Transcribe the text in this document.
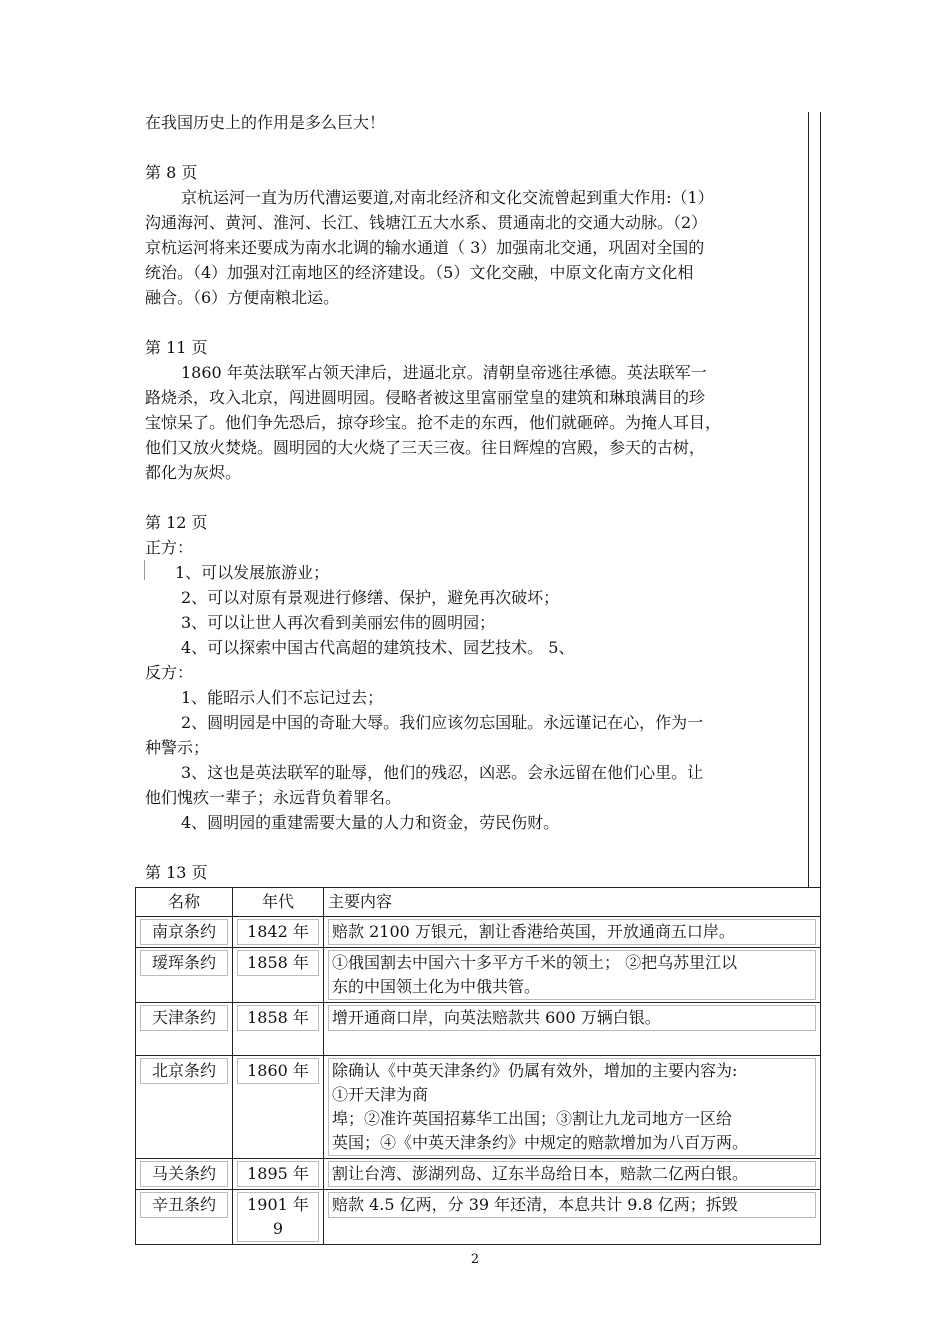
在我国历史上的作用是多么巨大！
第 8 页
京杭运河一直为历代漕运要道,对南北经济和文化交流曾起到重大作用:（1）
沟通海河、黄河、淮河、长江、钱塘江五大水系、贯通南北的交通大动脉。（2）
京杭运河将来还要成为南水北调的输水通道（ 3）加强南北交通，巩固对全国的
统治。（4）加强对江南地区的经济建设。（5）文化交融，中原文化南方文化相
融合。（6）方便南粮北运。
第 11 页
1860 年英法联军占领天津后，进逼北京。清朝皇帝逃往承德。英法联军一
路烧杀，攻入北京，闯进圆明园。侵略者被这里富丽堂皇的建筑和琳琅满目的珍
宝惊呆了。他们争先恐后，掠夺珍宝。抢不走的东西，他们就砸碎。为掩人耳目，
他们又放火焚烧。圆明园的大火烧了三天三夜。往日辉煌的宫殿，参天的古树，
都化为灰烬。
第 12 页
正方：
1、可以发展旅游业；
2、可以对原有景观进行修缮、保护，避免再次破坏；
3、可以让世人再次看到美丽宏伟的圆明园；
4、可以探索中国古代高超的建筑技术、园艺技术。 5、
反方：
1、能昭示人们不忘记过去；
2、圆明园是中国的奇耻大辱。我们应该勿忘国耻。永远谨记在心，作为一
种警示；
3、这也是英法联军的耻辱，他们的残忍，凶恶。会永远留在他们心里。让
他们愧疚一辈子；永远背负着罪名。
4、圆明园的重建需要大量的人力和资金，劳民伤财。
第 13 页
名称	年代	主要内容

南京条约	1842 年	赔款 2100 万银元，割让香港给英国，开放通商五口岸。

瑷珲条约	1858 年	①俄国割去中国六十多平方千米的领土； ②把乌苏里江以
东的中国领土化为中俄共管。

天津条约	1858 年	增开通商口岸，向英法赔款共 600 万辆白银。

北京条约	1860 年	除确认《中英天津条约》仍属有效外，增加的主要内容为:
①开天津为商
埠；②准许英国招募华工出国；③割让九龙司地方一区给
英国；④《中英天津条约》中规定的赔款增加为八百万两。

马关条约	1895 年	割让台湾、澎湖列岛、辽东半岛给日本，赔款二亿两白银。

辛丑条约	1901 年 9	赔款 4.5 亿两，分 39 年还清，本息共计 9.8 亿两；拆毁
2
